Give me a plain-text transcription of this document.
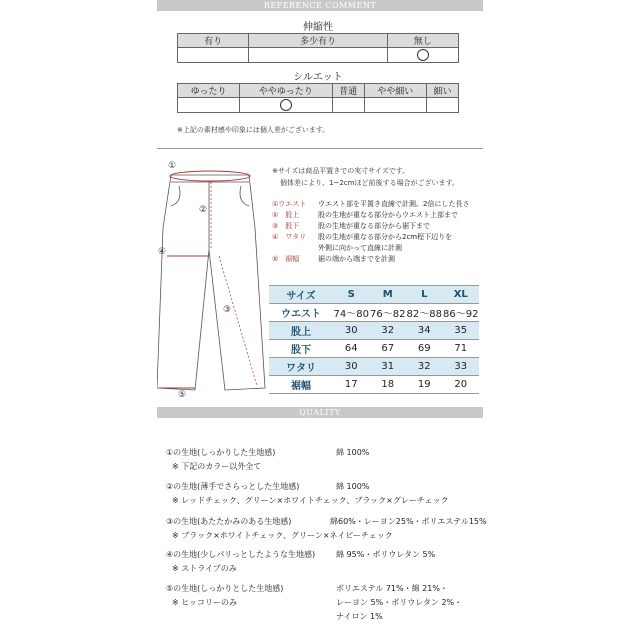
REFERENCE COMMENT
伸縮性
有り	多少有り	無し

シルエット
ゆったり	ややゆったり	普通	やや細い	細い

※上記の素材感や印象には個人差がございます。
①
②
③
④
⑤
※サイズは商品平置きでの実寸サイズです。
個体差により、1~2cmほど前後する場合がございます。
①ウエスト	ウエスト部を平置き直線で計測。2倍にした長さ
②　股上	股の生地が重なる部分からウエスト上部まで
③　股下	股の生地が重なる部分から裾下まで
④　ワタリ	股の生地が重なる部分から2cm程下辺りを
外側に向かって直線に計測
⑤　裾幅	裾の端から端までを計測
サイズ	S	M	L	XL
ウエスト	74〜80	76〜82	82〜88	86〜92
股上	30	32	34	35
股下	64	67	69	71
ワタリ	30	31	32	33
裾幅	17	18	19	20
QUALITY
①の生地(しっかりした生地感)	綿 100%
※ 下記のカラー以外全て
②の生地(薄手でさらっとした生地感)	綿 100%
※ レッドチェック、グリーン×ホワイトチェック、ブラック×グレーチェック
③の生地(あたたかみのある生地感)	綿60%・レーヨン25%・ポリエステル15%
※ ブラック×ホワイトチェック、グリーン×ネイビーチェック
④の生地(少しパリっとしたような生地感)	綿 95%・ポリウレタン 5%
※ ストライプのみ
⑤の生地(しっかりとした生地感)	ポリエステル 71%・綿 21%・
レーヨン 5%・ポリウレタン 2%・
ナイロン 1%
※ ヒッコリーのみ
